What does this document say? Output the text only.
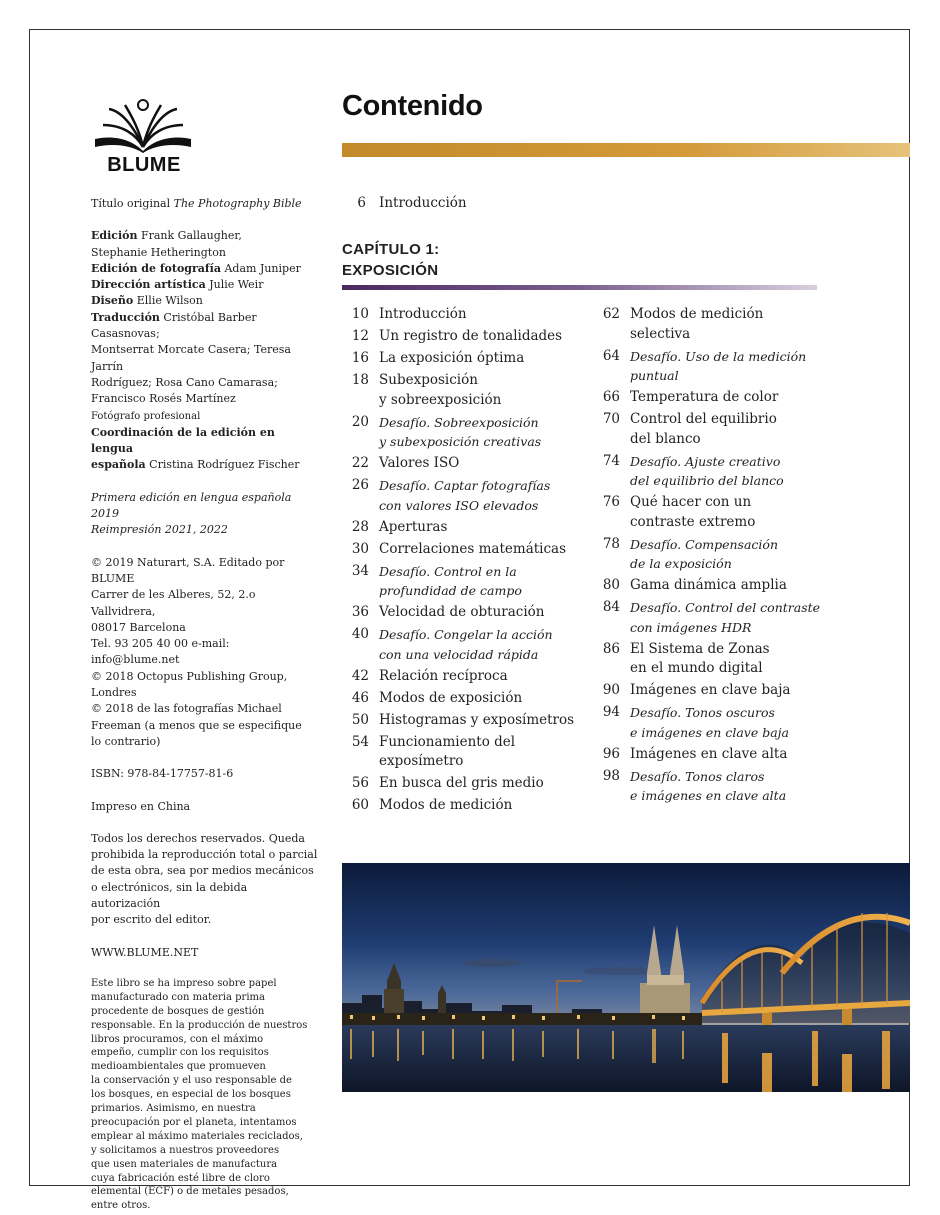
BLUME

Título original The Photography Bible

Edición Frank Gallaugher,
Stephanie Hetherington
Edición de fotografía Adam Juniper
Dirección artística Julie Weir
Diseño Ellie Wilson
Traducción Cristóbal Barber Casasnovas;
Montserrat Morcate Casera; Teresa Jarrín
Rodríguez; Rosa Cano Camarasa;
Francisco Rosés Martínez
Fotógrafo profesional
Coordinación de la edición en lengua
española Cristina Rodríguez Fischer

Primera edición en lengua española 2019
Reimpresión 2021, 2022

© 2019 Naturart, S.A. Editado por BLUME
Carrer de les Alberes, 52, 2.o Vallvidrera,
08017 Barcelona
Tel. 93 205 40 00 e-mail: info@blume.net
© 2018 Octopus Publishing Group,
Londres
© 2018 de las fotografías Michael
Freeman (a menos que se especifique
lo contrario)

ISBN: 978-84-17757-81-6

Impreso en China

Todos los derechos reservados. Queda
prohibida la reproducción total o parcial
de esta obra, sea por medios mecánicos
o electrónicos, sin la debida autorización
por escrito del editor.

WWW.BLUME.NET

Este libro se ha impreso sobre papel
manufacturado con materia prima
procedente de bosques de gestión
responsable. En la producción de nuestros
libros procuramos, con el máximo
empeño, cumplir con los requisitos
medioambientales que promueven
la conservación y el uso responsable de
los bosques, en especial de los bosques
primarios. Asimismo, en nuestra
preocupación por el planeta, intentamos
emplear al máximo materiales reciclados,
y solicitamos a nuestros proveedores
que usen materiales de manufactura
cuya fabricación esté libre de cloro
elemental (ECF) o de metales pesados,
entre otros.

Contenido
6 Introducción
CAPÍTULO 1:
EXPOSICIÓN
10 Introducción
12 Un registro de tonalidades
16 La exposición óptima
18 Subexposición
y sobreexposición
20 Desafío. Sobreexposición
y subexposición creativas
22 Valores ISO
26 Desafío. Captar fotografías
con valores ISO elevados
28 Aperturas
30 Correlaciones matemáticas
34 Desafío. Control en la
profundidad de campo
36 Velocidad de obturación
40 Desafío. Congelar la acción
con una velocidad rápida
42 Relación recíproca
46 Modos de exposición
50 Histogramas y exposímetros
54 Funcionamiento del
exposímetro
56 En busca del gris medio
60 Modos de medición
62 Modos de medición
selectiva
64 Desafío. Uso de la medición
puntual
66 Temperatura de color
70 Control del equilibrio
del blanco
74 Desafío. Ajuste creativo
del equilibrio del blanco
76 Qué hacer con un
contraste extremo
78 Desafío. Compensación
de la exposición
80 Gama dinámica amplia
84 Desafío. Control del contraste
con imágenes HDR
86 El Sistema de Zonas
en el mundo digital
90 Imágenes en clave baja
94 Desafío. Tonos oscuros
e imágenes en clave baja
96 Imágenes en clave alta
98 Desafío. Tonos claros
e imágenes en clave alta
